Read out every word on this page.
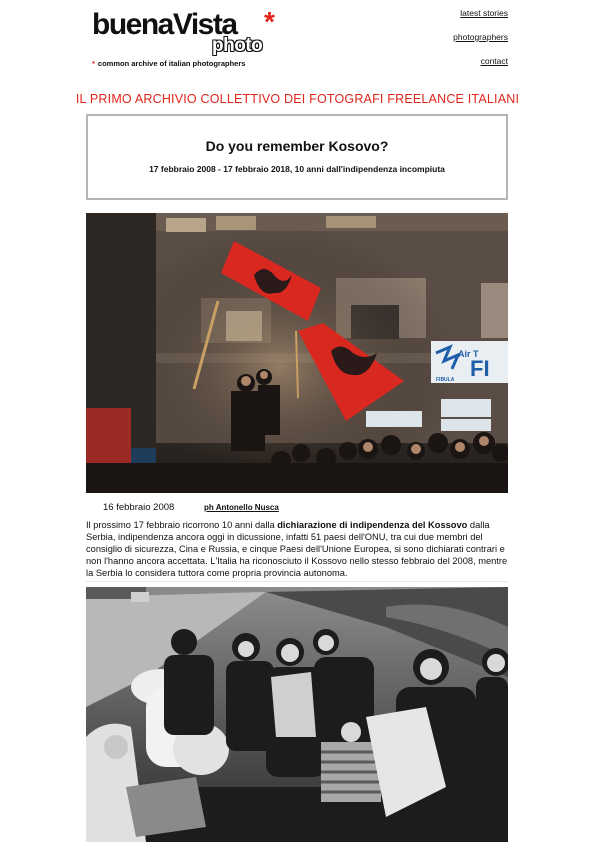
buenaVista *
photo
* common archive of italian photographers
latest stories
photographers
contact
IL PRIMO ARCHIVIO COLLETTIVO DEI FOTOGRAFI FREELANCE ITALIANI
Do you remember Kosovo?
17 febbraio 2008 - 17 febbraio 2018, 10 anni dall'indipendenza incompiuta
Air T
FI
FIBULA
16 febbraio 2008	ph Antonello Nusca

Il prossimo 17 febbraio ricorrono 10 anni dalla dichiarazione di indipendenza del Kossovo dalla Serbia, indipendenza ancora oggi in dicussione, infatti 51 paesi dell'ONU, tra cui due membri del consiglio di sicurezza, Cina e Russia, e cinque Paesi dell'Unione Europea, si sono dichiarati contrari e non l'hanno ancora accettata. L'Italia ha riconosciuto il Kossovo nello stesso febbraio del 2008, mentre la Serbia lo considera tuttora come propria provincia autonoma.
